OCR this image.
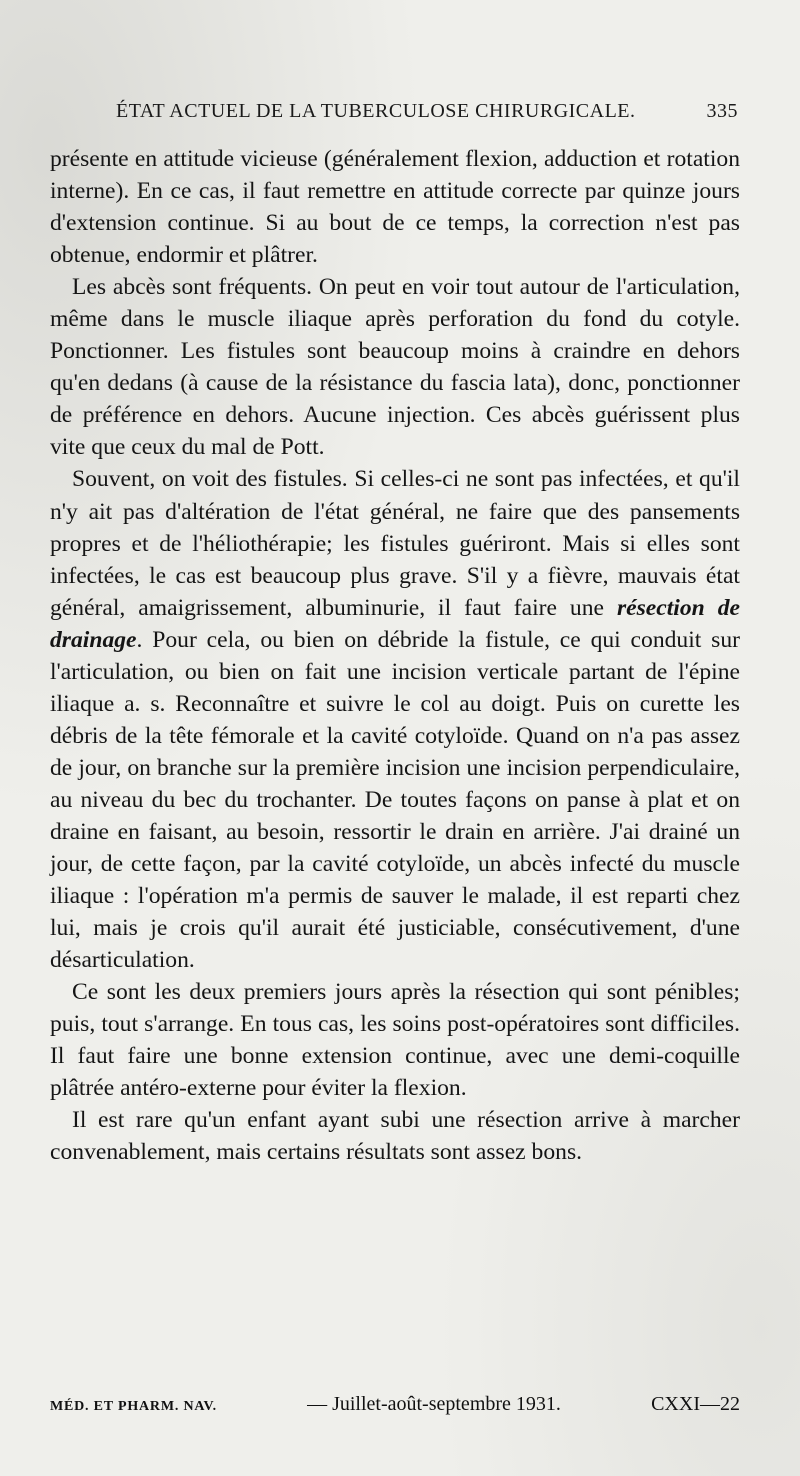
ÉTAT ACTUEL DE LA TUBERCULOSE CHIRURGICALE.	335

présente en attitude vicieuse (généralement flexion, adduction et rotation interne). En ce cas, il faut remettre en attitude correcte par quinze jours d'extension continue. Si au bout de ce temps, la correction n'est pas obtenue, endormir et plâtrer.

Les abcès sont fréquents. On peut en voir tout autour de l'articulation, même dans le muscle iliaque après perforation du fond du cotyle. Ponctionner. Les fistules sont beaucoup moins à craindre en dehors qu'en dedans (à cause de la résistance du fascia lata), donc, ponctionner de préférence en dehors. Aucune injection. Ces abcès guérissent plus vite que ceux du mal de Pott.

Souvent, on voit des fistules. Si celles-ci ne sont pas infectées, et qu'il n'y ait pas d'altération de l'état général, ne faire que des pansements propres et de l'héliothérapie; les fistules guériront. Mais si elles sont infectées, le cas est beaucoup plus grave. S'il y a fièvre, mauvais état général, amaigrissement, albuminurie, il faut faire une résection de drainage. Pour cela, ou bien on débride la fistule, ce qui conduit sur l'articulation, ou bien on fait une incision verticale partant de l'épine iliaque a. s. Reconnaître et suivre le col au doigt. Puis on curette les débris de la tête fémorale et la cavité cotyloïde. Quand on n'a pas assez de jour, on branche sur la première incision une incision perpendiculaire, au niveau du bec du trochanter. De toutes façons on panse à plat et on draine en faisant, au besoin, ressortir le drain en arrière. J'ai drainé un jour, de cette façon, par la cavité cotyloïde, un abcès infecté du muscle iliaque : l'opération m'a permis de sauver le malade, il est reparti chez lui, mais je crois qu'il aurait été justiciable, consécutivement, d'une désarticulation.

Ce sont les deux premiers jours après la résection qui sont pénibles; puis, tout s'arrange. En tous cas, les soins post-opératoires sont difficiles. Il faut faire une bonne extension continue, avec une demi-coquille plâtrée antéro-externe pour éviter la flexion.

Il est rare qu'un enfant ayant subi une résection arrive à marcher convenablement, mais certains résultats sont assez bons.

MÉD. ET PHARM. NAV.	— Juillet-août-septembre 1931.	CXXI—22
